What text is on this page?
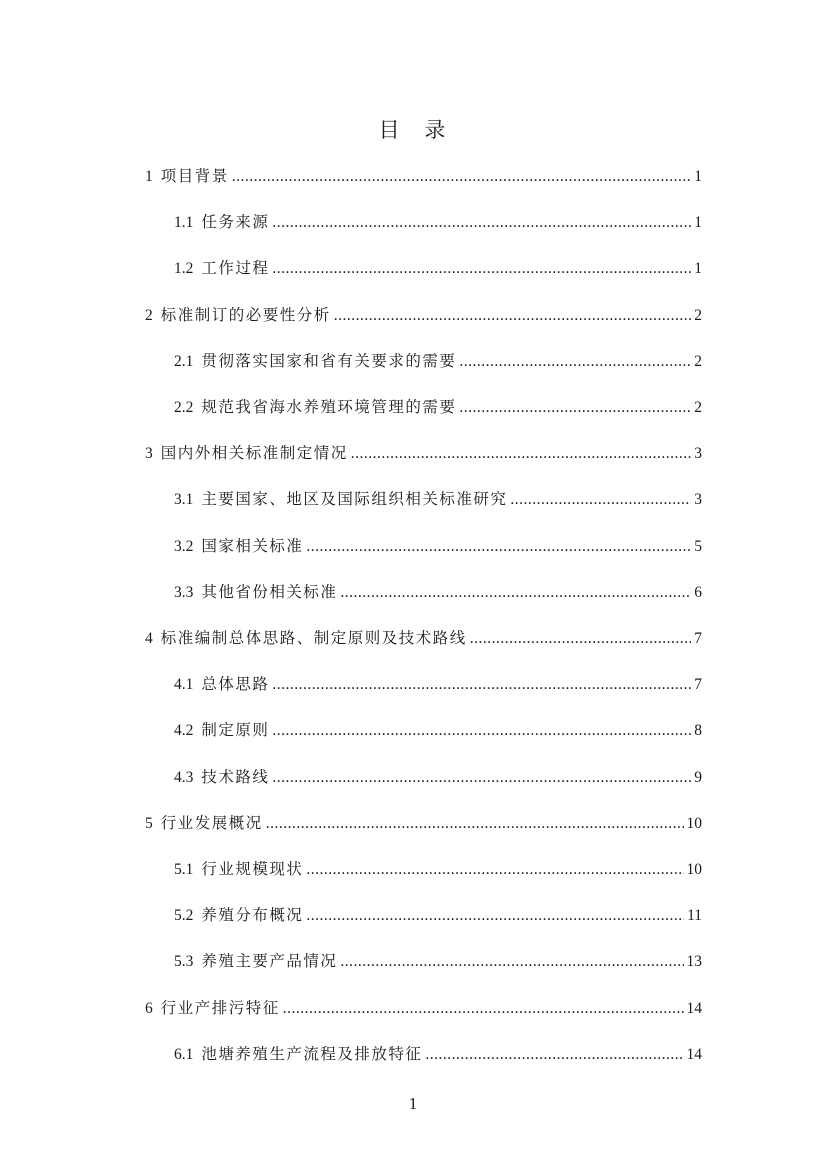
目 录
1 项目背景 .....	1
1.1 任务来源 .....	1
1.2 工作过程 .....	1
2 标准制订的必要性分析 .....	2
2.1 贯彻落实国家和省有关要求的需要 .....	2
2.2 规范我省海水养殖环境管理的需要 .....	2
3 国内外相关标准制定情况 .....	3
3.1 主要国家、地区及国际组织相关标准研究 .....	3
3.2 国家相关标准 .....	5
3.3 其他省份相关标准 .....	6
4 标准编制总体思路、制定原则及技术路线 .....	7
4.1 总体思路 .....	7
4.2 制定原则 .....	8
4.3 技术路线 .....	9
5 行业发展概况 .....	10
5.1 行业规模现状 .....	10
5.2 养殖分布概况 .....	11
5.3 养殖主要产品情况 .....	13
6 行业产排污特征 .....	14
6.1 池塘养殖生产流程及排放特征 .....	14
1
